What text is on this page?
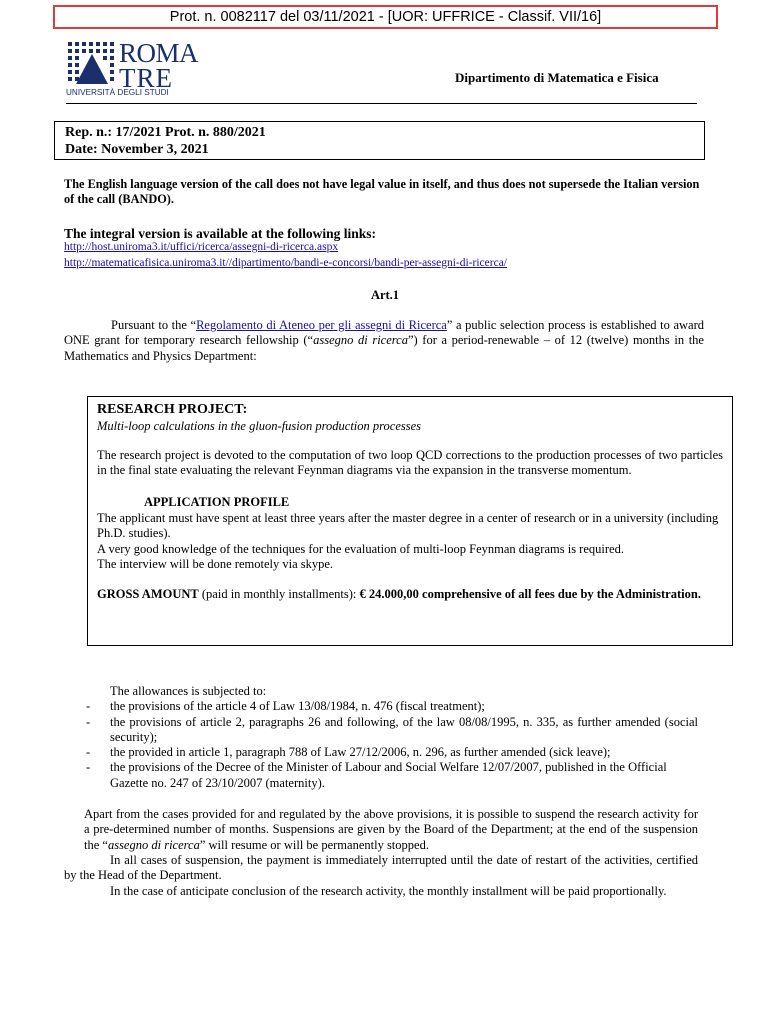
Prot. n. 0082117 del 03/11/2021 - [UOR: UFFRICE - Classif. VII/16]
ROMA
TRE
UNIVERSITÀ DEGLI STUDI
Dipartimento di Matematica e Fisica
Rep. n.: 17/2021 Prot. n. 880/2021
Date: November 3, 2021
The English language version of the call does not have legal value in itself, and thus does not supersede the Italian version of the call (BANDO).
The integral version is available at the following links:
http://host.uniroma3.it/uffici/ricerca/assegni-di-ricerca.aspx
http://matematicafisica.uniroma3.it//dipartimento/bandi-e-concorsi/bandi-per-assegni-di-ricerca/
Art.1
Pursuant to the “Regolamento di Ateneo per gli assegni di Ricerca” a public selection process is established to award ONE grant for temporary research fellowship (“assegno di ricerca”) for a period-renewable – of 12 (twelve) months in the Mathematics and Physics Department:
RESEARCH PROJECT:
Multi-loop calculations in the gluon-fusion production processes
The research project is devoted to the computation of two loop QCD corrections to the production processes of two particles in the final state evaluating the relevant Feynman diagrams via the expansion in the transverse momentum.
APPLICATION PROFILE
The applicant must have spent at least three years after the master degree in a center of research or in a university (including Ph.D. studies).
A very good knowledge of the techniques for the evaluation of multi-loop Feynman diagrams is required.
The interview will be done remotely via skype.
GROSS AMOUNT (paid in monthly installments): € 24.000,00 comprehensive of all fees due by the Administration.
The allowances is subjected to:
- the provisions of the article 4 of Law 13/08/1984, n. 476 (fiscal treatment);
- the provisions of article 2, paragraphs 26 and following, of the law 08/08/1995, n. 335, as further amended (social security);
- the provided in article 1, paragraph 788 of Law 27/12/2006, n. 296, as further amended (sick leave);
- the provisions of the Decree of the Minister of Labour and Social Welfare 12/07/2007, published in the Official Gazette no. 247 of 23/10/2007 (maternity).
Apart from the cases provided for and regulated by the above provisions, it is possible to suspend the research activity for a pre-determined number of months. Suspensions are given by the Board of the Department; at the end of the suspension the “assegno di ricerca” will resume or will be permanently stopped.
In all cases of suspension, the payment is immediately interrupted until the date of restart of the activities, certified by the Head of the Department.
In the case of anticipate conclusion of the research activity, the monthly installment will be paid proportionally.
